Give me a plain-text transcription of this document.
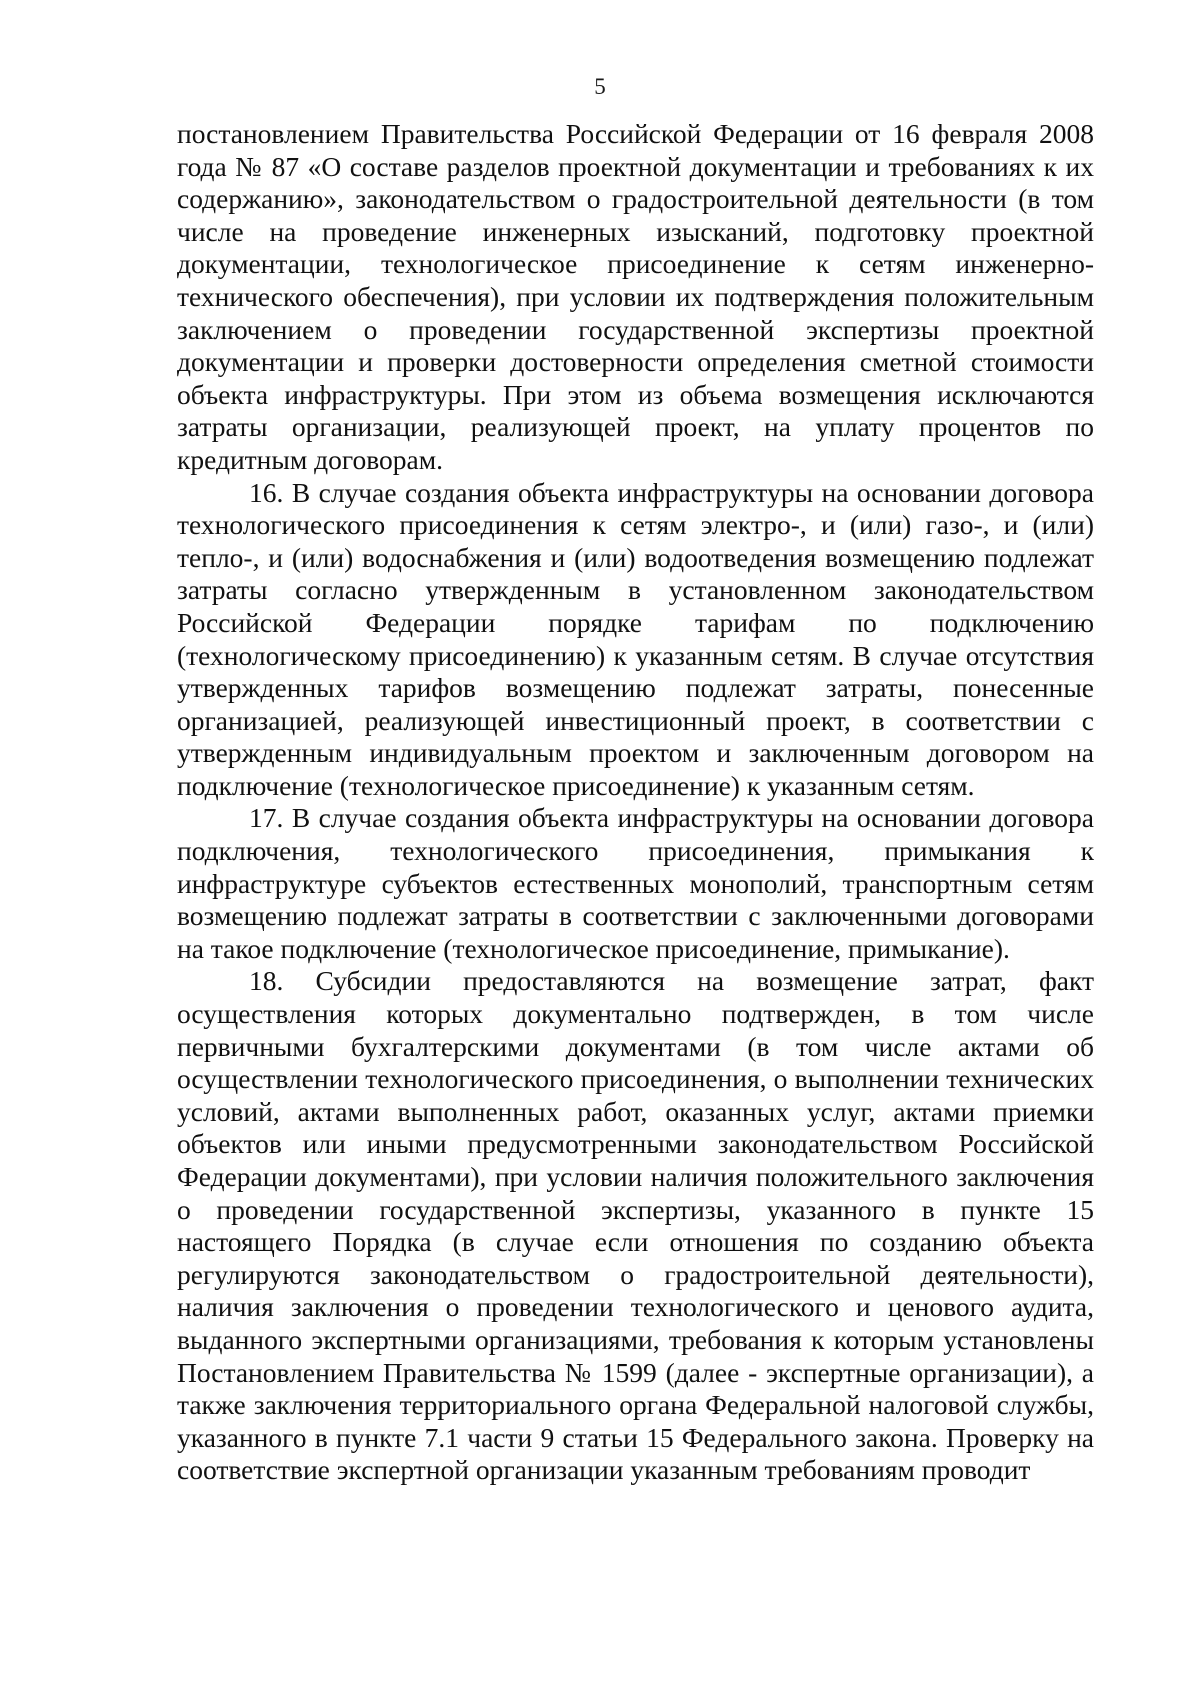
5

постановлением Правительства Российской Федерации от 16 февраля 2008 года № 87 «О составе разделов проектной документации и требованиях к их содержанию», законодательством о градостроительной деятельности (в том числе на проведение инженерных изысканий, подготовку проектной документации, технологическое присоединение к сетям инженерно-технического обеспечения), при условии их подтверждения положительным заключением о проведении государственной экспертизы проектной документации и проверки достоверности определения сметной стоимости объекта инфраструктуры. При этом из объема возмещения исключаются затраты организации, реализующей проект, на уплату процентов по кредитным договорам.

16. В случае создания объекта инфраструктуры на основании договора технологического присоединения к сетям электро-, и (или) газо-, и (или) тепло-, и (или) водоснабжения и (или) водоотведения возмещению подлежат затраты согласно утвержденным в установленном законодательством Российской Федерации порядке тарифам по подключению (технологическому присоединению) к указанным сетям. В случае отсутствия утвержденных тарифов возмещению подлежат затраты, понесенные организацией, реализующей инвестиционный проект, в соответствии с утвержденным индивидуальным проектом и заключенным договором на подключение (технологическое присоединение) к указанным сетям.

17. В случае создания объекта инфраструктуры на основании договора подключения, технологического присоединения, примыкания к инфраструктуре субъектов естественных монополий, транспортным сетям возмещению подлежат затраты в соответствии с заключенными договорами на такое подключение (технологическое присоединение, примыкание).

18. Субсидии предоставляются на возмещение затрат, факт осуществления которых документально подтвержден, в том числе первичными бухгалтерскими документами (в том числе актами об осуществлении технологического присоединения, о выполнении технических условий, актами выполненных работ, оказанных услуг, актами приемки объектов или иными предусмотренными законодательством Российской Федерации документами), при условии наличия положительного заключения о проведении государственной экспертизы, указанного в пункте 15 настоящего Порядка (в случае если отношения по созданию объекта регулируются законодательством о градостроительной деятельности), наличия заключения о проведении технологического и ценового аудита, выданного экспертными организациями, требования к которым установлены Постановлением Правительства № 1599 (далее - экспертные организации), а также заключения территориального органа Федеральной налоговой службы, указанного в пункте 7.1 части 9 статьи 15 Федерального закона. Проверку на соответствие экспертной организации указанным требованиям проводит
